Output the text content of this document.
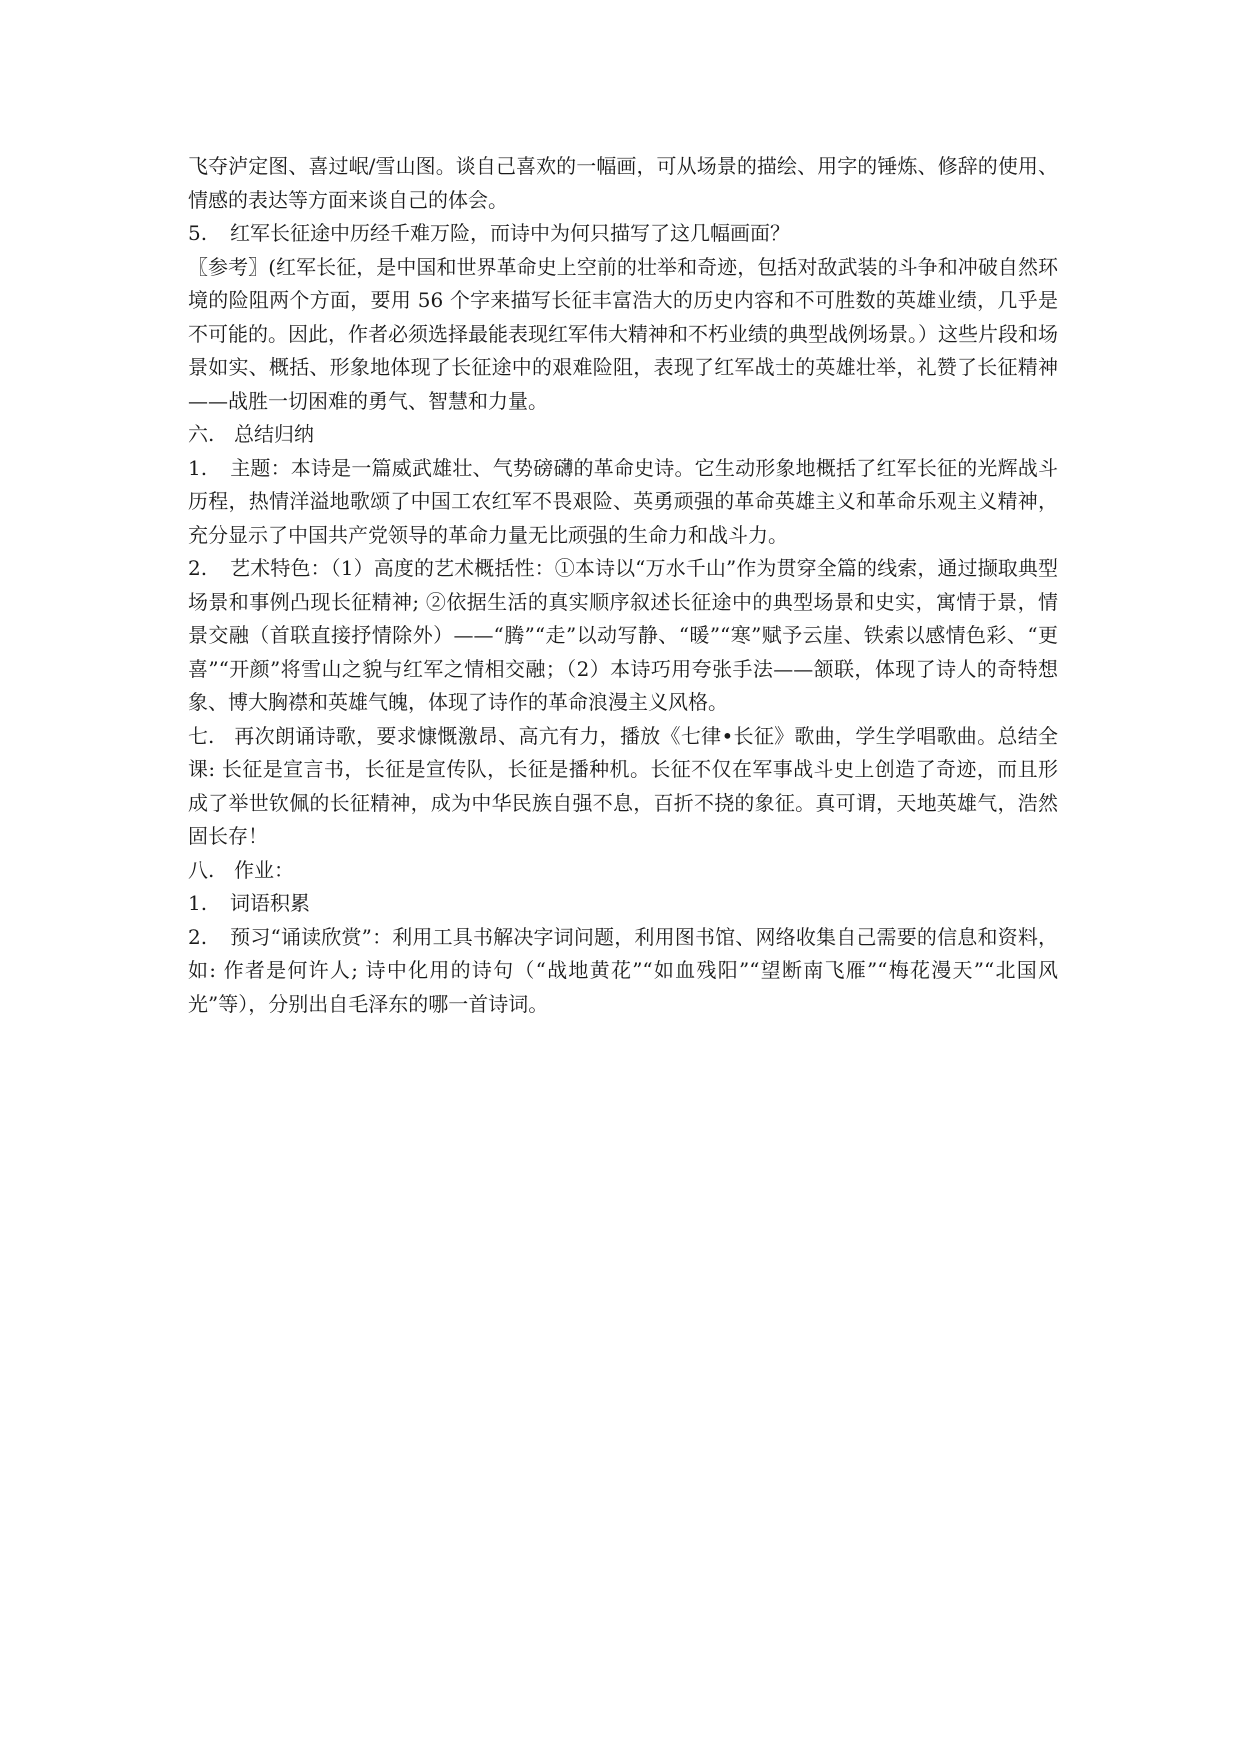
飞夺泸定图、喜过岷/雪山图。谈自己喜欢的一幅画，可从场景的描绘、用字的锤炼、修辞的使用、情感的表达等方面来谈自己的体会。

5. 红军长征途中历经千难万险，而诗中为何只描写了这几幅画面？

〖参考〗(红军长征，是中国和世界革命史上空前的壮举和奇迹，包括对敌武装的斗争和冲破自然环境的险阻两个方面，要用 56 个字来描写长征丰富浩大的历史内容和不可胜数的英雄业绩，几乎是不可能的。因此，作者必须选择最能表现红军伟大精神和不朽业绩的典型战例场景。）这些片段和场景如实、概括、形象地体现了长征途中的艰难险阻，表现了红军战士的英雄壮举，礼赞了长征精神——战胜一切困难的勇气、智慧和力量。

六. 总结归纳

1. 主题：本诗是一篇威武雄壮、气势磅礴的革命史诗。它生动形象地概括了红军长征的光辉战斗历程，热情洋溢地歌颂了中国工农红军不畏艰险、英勇顽强的革命英雄主义和革命乐观主义精神，充分显示了中国共产党领导的革命力量无比顽强的生命力和战斗力。

2. 艺术特色：（1）高度的艺术概括性：①本诗以“万水千山”作为贯穿全篇的线索，通过撷取典型场景和事例凸现长征精神; ②依据生活的真实顺序叙述长征途中的典型场景和史实，寓情于景，情景交融（首联直接抒情除外）——“腾”“走”以动写静、“暖”“寒”赋予云崖、铁索以感情色彩、“更喜”“开颜”将雪山之貌与红军之情相交融；（2）本诗巧用夸张手法——颔联，体现了诗人的奇特想象、博大胸襟和英雄气魄，体现了诗作的革命浪漫主义风格。

七. 再次朗诵诗歌，要求慷慨激昂、高亢有力，播放《七律•长征》歌曲，学生学唱歌曲。总结全课: 长征是宣言书，长征是宣传队，长征是播种机。长征不仅在军事战斗史上创造了奇迹，而且形成了举世钦佩的长征精神，成为中华民族自强不息，百折不挠的象征。真可谓，天地英雄气，浩然固长存！

八. 作业：

1. 词语积累

2. 预习“诵读欣赏”：利用工具书解决字词问题，利用图书馆、网络收集自己需要的信息和资料，如: 作者是何许人; 诗中化用的诗句（“战地黄花”“如血残阳”“望断南飞雁”“梅花漫天”“北国风光”等），分别出自毛泽东的哪一首诗词。
